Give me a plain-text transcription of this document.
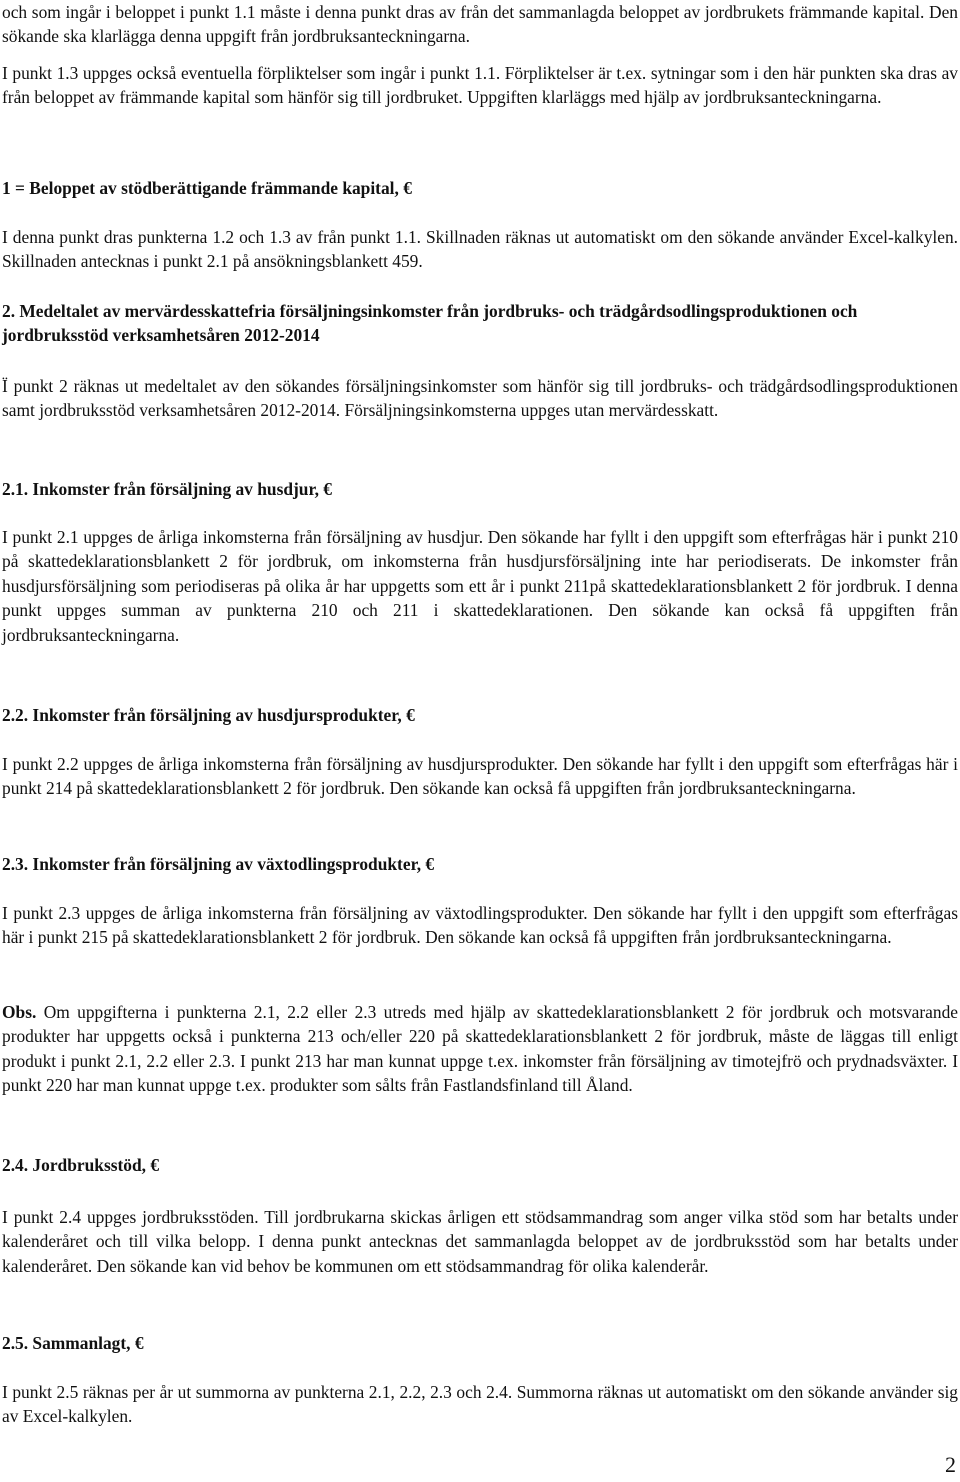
och som ingår i beloppet i punkt 1.1 måste i denna punkt dras av från det sammanlagda beloppet av jordbrukets främmande kapital. Den sökande ska klarlägga denna uppgift från jordbruksanteckningarna.

I punkt 1.3 uppges också eventuella förpliktelser som ingår i punkt 1.1. Förpliktelser är t.ex. sytningar som i den här punkten ska dras av från beloppet av främmande kapital som hänför sig till jordbruket. Uppgiften klarläggs med hjälp av jordbruksanteckningarna.

1 = Beloppet av stödberättigande främmande kapital, €

I denna punkt dras punkterna 1.2 och 1.3 av från punkt 1.1. Skillnaden räknas ut automatiskt om den sökande använder Excel-kalkylen. Skillnaden antecknas i punkt 2.1 på ansökningsblankett 459.

2. Medeltalet av mervärdesskattefria försäljningsinkomster från jordbruks- och trädgårdsodlingsproduktionen och jordbruksstöd verksamhetsåren 2012-2014

Ï punkt 2 räknas ut medeltalet av den sökandes försäljningsinkomster som hänför sig till jordbruks- och trädgårdsodlingsproduktionen samt jordbruksstöd verksamhetsåren 2012-2014. Försäljningsinkomsterna uppges utan mervärdesskatt.

2.1. Inkomster från försäljning av husdjur, €

I punkt 2.1 uppges de årliga inkomsterna från försäljning av husdjur. Den sökande har fyllt i den uppgift som efterfrågas här i punkt 210 på skattedeklarationsblankett 2 för jordbruk, om inkomsterna från husdjursförsäljning inte har periodiserats. De inkomster från husdjursförsäljning som periodiseras på olika år har uppgetts som ett år i punkt 211på skattedeklarationsblankett 2 för jordbruk. I denna punkt uppges summan av punkterna 210 och 211 i skattedeklarationen. Den sökande kan också få uppgiften från jordbruksanteckningarna.

2.2. Inkomster från försäljning av husdjursprodukter, €

I punkt 2.2 uppges de årliga inkomsterna från försäljning av husdjursprodukter. Den sökande har fyllt i den uppgift som efterfrågas här i punkt 214 på skattedeklarationsblankett 2 för jordbruk. Den sökande kan också få uppgiften från jordbruksanteckningarna.

2.3. Inkomster från försäljning av växtodlingsprodukter, €

I punkt 2.3 uppges de årliga inkomsterna från försäljning av växtodlingsprodukter. Den sökande har fyllt i den uppgift som efterfrågas här i punkt 215 på skattedeklarationsblankett 2 för jordbruk. Den sökande kan också få uppgiften från jordbruksanteckningarna.

Obs. Om uppgifterna i punkterna 2.1, 2.2 eller 2.3 utreds med hjälp av skattedeklarationsblankett 2 för jordbruk och motsvarande produkter har uppgetts också i punkterna 213 och/eller 220 på skattedeklarationsblankett 2 för jordbruk, måste de läggas till enligt produkt i punkt 2.1, 2.2 eller 2.3. I punkt 213 har man kunnat uppge t.ex. inkomster från försäljning av timotejfrö och prydnadsväxter. I punkt 220 har man kunnat uppge t.ex. produkter som sålts från Fastlandsfinland till Åland.

2.4. Jordbruksstöd, €

I punkt 2.4 uppges jordbruksstöden. Till jordbrukarna skickas årligen ett stödsammandrag som anger vilka stöd som har betalts under kalenderåret och till vilka belopp. I denna punkt antecknas det sammanlagda beloppet av de jordbruksstöd som har betalts under kalenderåret. Den sökande kan vid behov be kommunen om ett stödsammandrag för olika kalenderår.

2.5. Sammanlagt, €

I punkt 2.5 räknas per år ut summorna av punkterna 2.1, 2.2, 2.3 och 2.4. Summorna räknas ut automatiskt om den sökande använder sig av Excel-kalkylen.

2
